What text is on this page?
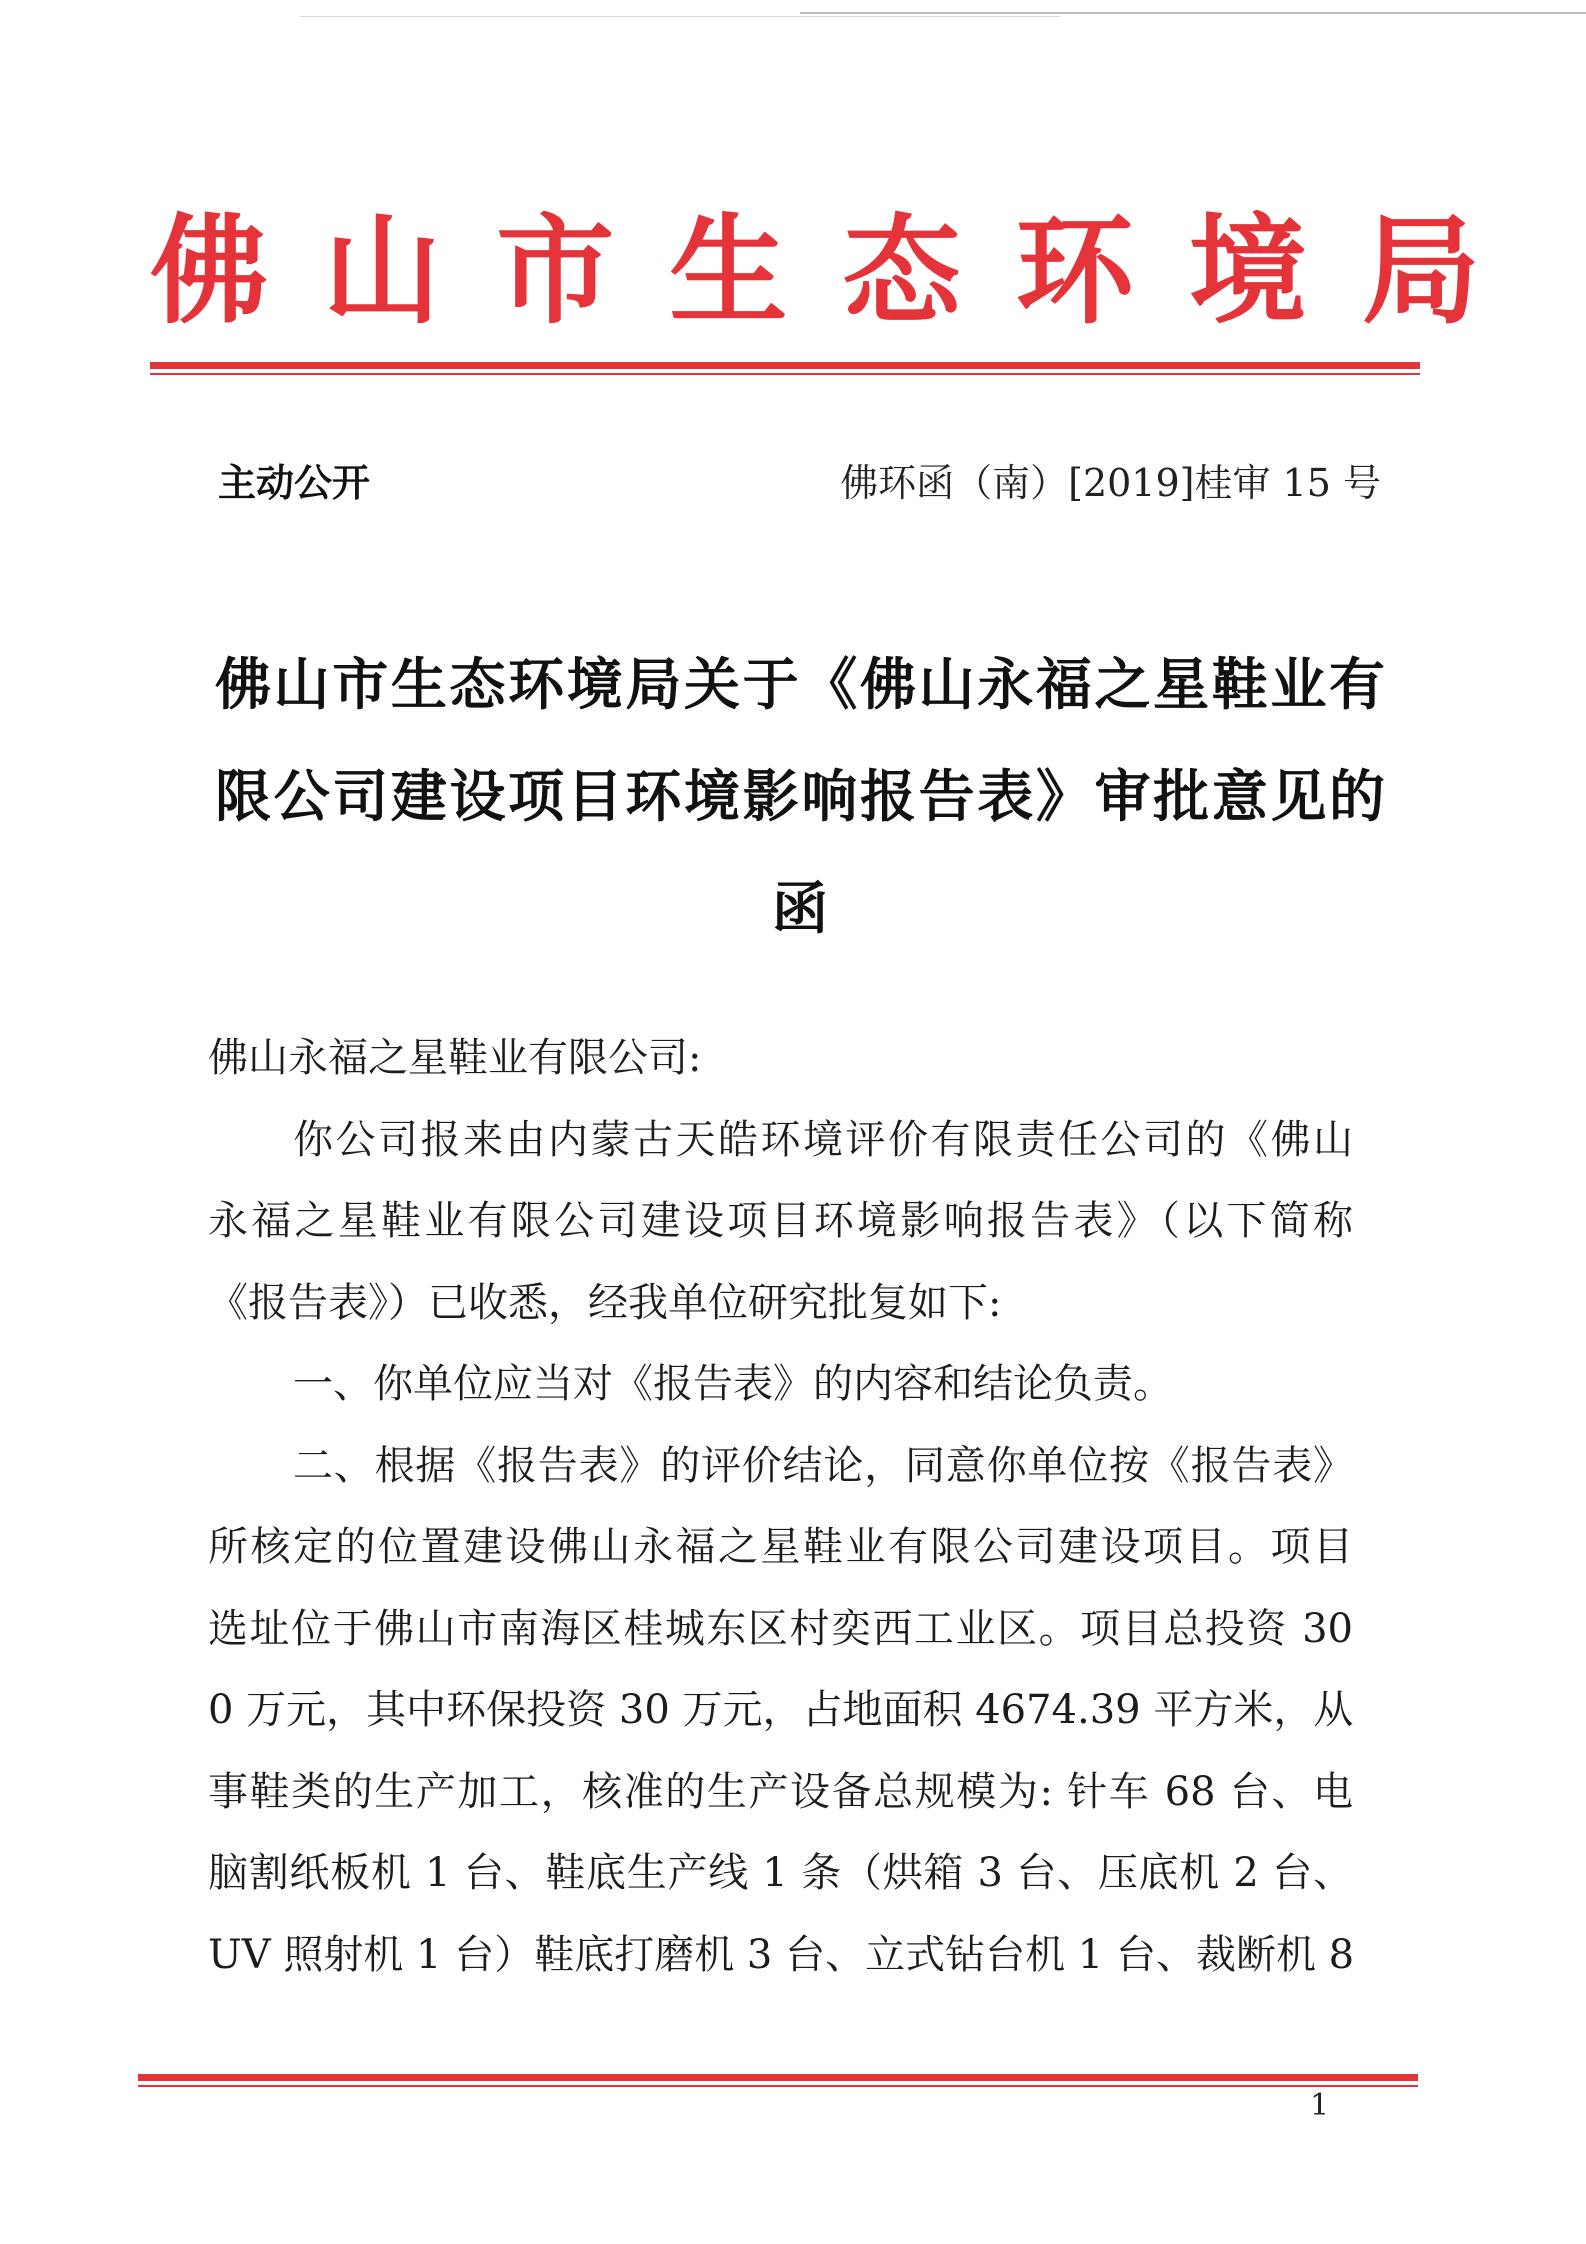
佛 山 市 生 态 环 境 局
主动公开	佛环函（南）[2019]桂审 15 号
佛山市生态环境局关于《佛山永福之星鞋业有
限公司建设项目环境影响报告表》审批意见的
函
佛山永福之星鞋业有限公司:
你公司报来由内蒙古天皓环境评价有限责任公司的《佛山
永福之星鞋业有限公司建设项目环境影响报告表》（以下简称
《报告表》）已收悉，经我单位研究批复如下:
一、你单位应当对《报告表》的内容和结论负责。
二、根据《报告表》的评价结论，同意你单位按《报告表》
所核定的位置建设佛山永福之星鞋业有限公司建设项目。项目
选址位于佛山市南海区桂城东区村奕西工业区。项目总投资 30
0 万元，其中环保投资 30 万元，占地面积 4674.39 平方米，从
事鞋类的生产加工，核准的生产设备总规模为: 针车 68 台、电
脑割纸板机 1 台、鞋底生产线 1 条（烘箱 3 台、压底机 2 台、
UV 照射机 1 台）鞋底打磨机 3 台、立式钻台机 1 台、裁断机 8
1
